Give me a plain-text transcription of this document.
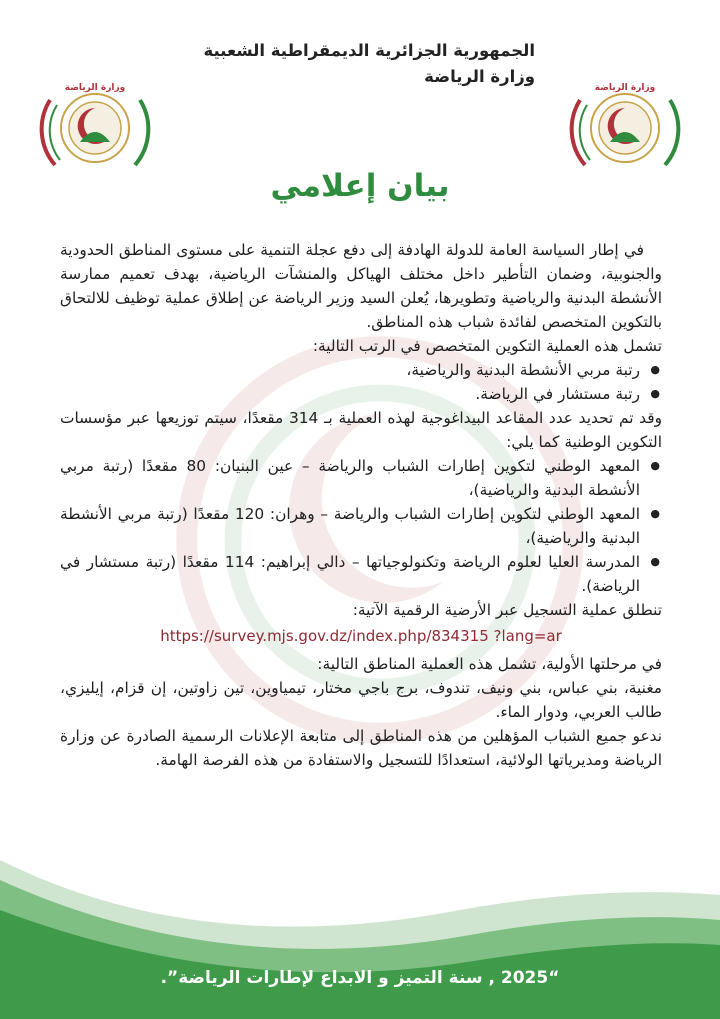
وزارة الرياضة	وزارة الرياضة
الجمهورية الجزائرية الديمقراطية الشعبية
وزارة الرياضة
بيان إعلامي

في إطار السياسة العامة للدولة الهادفة إلى دفع عجلة التنمية على مستوى المناطق الحدودية والجنوبية، وضمان التأطير داخل مختلف الهياكل والمنشآت الرياضية، بهدف تعميم ممارسة الأنشطة البدنية والرياضية وتطويرها، يُعلن السيد وزير الرياضة عن إطلاق عملية توظيف للالتحاق بالتكوين المتخصص لفائدة شباب هذه المناطق.

تشمل هذه العملية التكوين المتخصص في الرتب التالية:

● رتبة مربي الأنشطة البدنية والرياضية،
● رتبة مستشار في الرياضة.

وقد تم تحديد عدد المقاعد البيداغوجية لهذه العملية بـ 314 مقعدًا، سيتم توزيعها عبر مؤسسات التكوين الوطنية كما يلي:

● المعهد الوطني لتكوين إطارات الشباب والرياضة – عين البنيان: 80 مقعدًا (رتبة مربي الأنشطة البدنية والرياضية)،
● المعهد الوطني لتكوين إطارات الشباب والرياضة – وهران: 120 مقعدًا (رتبة مربي الأنشطة البدنية والرياضية)،
● المدرسة العليا لعلوم الرياضة وتكنولوجياتها – دالي إبراهيم: 114 مقعدًا (رتبة مستشار في الرياضة).

تنطلق عملية التسجيل عبر الأرضية الرقمية الآتية:

https://survey.mjs.gov.dz/index.php/834315 ?lang=ar

في مرحلتها الأولية، تشمل هذه العملية المناطق التالية:

مغنية، بني عباس، بني ونيف، تندوف، برج باجي مختار، تيمياوين، تين زاوتين، إن قزام، إيليزي، طالب العربي، ودوار الماء.

ندعو جميع الشباب المؤهلين من هذه المناطق إلى متابعة الإعلانات الرسمية الصادرة عن وزارة الرياضة ومديرياتها الولائية، استعدادًا للتسجيل والاستفادة من هذه الفرصة الهامة.

“2025 , سنة التميز و الابداع لإطارات الرياضة”.
